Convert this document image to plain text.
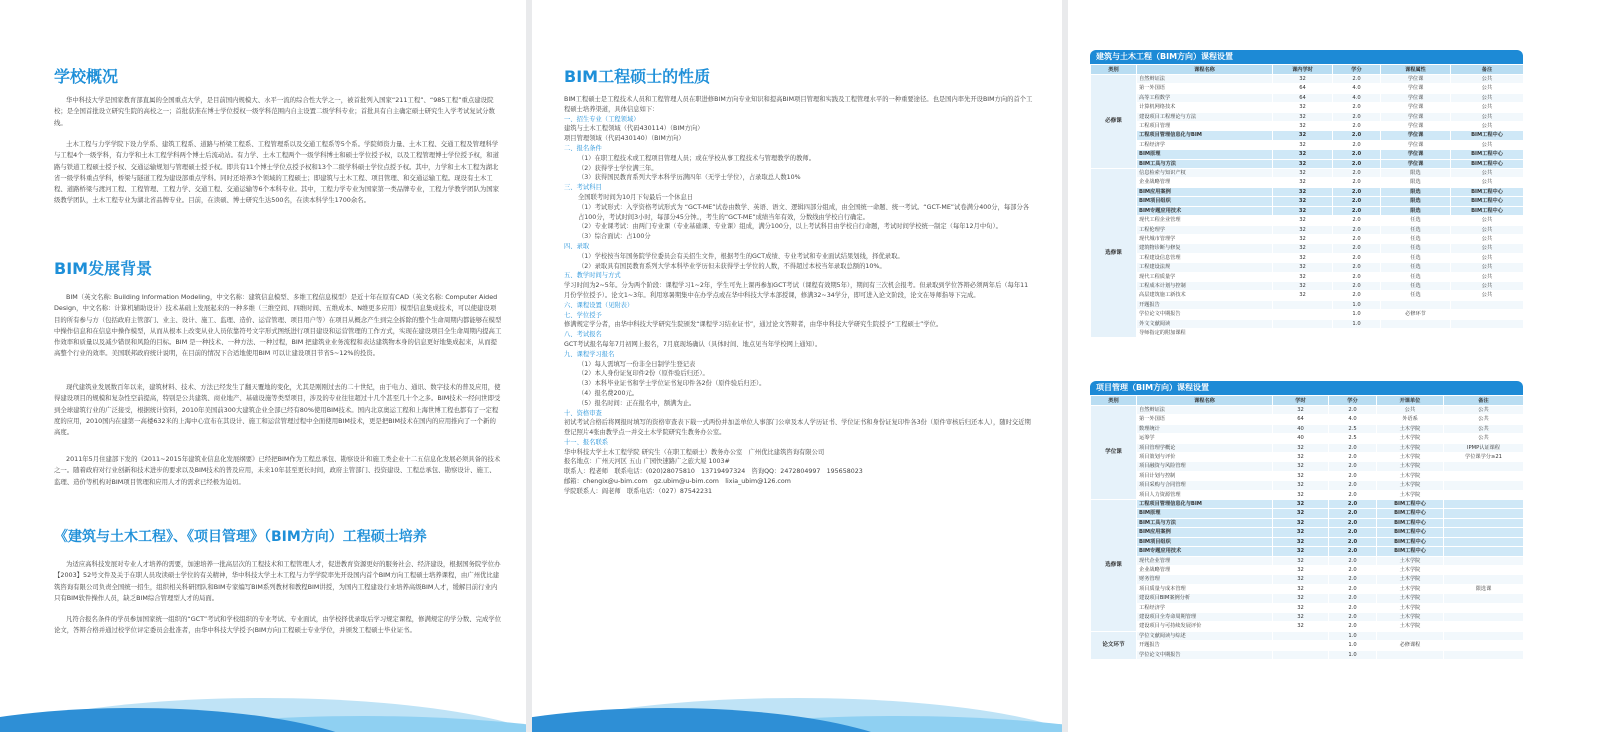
学校概况

华中科技大学是国家教育部直属的全国重点大学，是目前国内规模大、水平一流的综合性大学之一，被首批列入国家“211工程”、“985工程”重点建设院校；是全国首批设立研究生院的高校之一；首批获准在博士学位授权一级学科范围内自主设置二级学科专业；首批具有自主确定硕士研究生入学考试复试分数线。

土木工程与力学学院下设力学系、建筑工程系、道路与桥梁工程系、工程管理系以及交通工程系等5个系。学院师资力量、土木工程、交通工程及管理科学与工程4个一级学科，有力学和土木工程学科两个博士后流动站。有力学、土木工程两个一级学科博士和硕士学位授予权，以及工程管理博士学位授予权，和道路与铁道工程硕士授予权、交通运输规划与管理硕士授予权。即共有11个博士学位点授予权和13个二级学科硕士学位点授予权。其中，力学和土木工程为湖北省一级学科重点学科，桥梁与隧道工程为建设部重点学科。同时还培养3个领域的工程硕士；即建筑与土木工程、项目管理、和交通运输工程。现设有土木工程、道路桥梁与渡河工程、工程管理、工程力学、交通工程、交通运输等6个本科专业。其中，工程力学专业为国家第一类品牌专业，工程力学教学团队为国家级教学团队，土木工程专业为湖北省品牌专业。目前，在读硕、博士研究生达500名，在读本科学生1700余名。

BIM发展背景

BIM（英文名称: Building Information Modeling，中文名称：建筑信息模型、多维工程信息模型）是近十年在原有CAD（英文名称: Computer Aided Design，中文名称：计算机辅助设计）技术基础上发展起来的一种多维（三维空间、四维时间、五维成本、N维更多应用）模型信息集成技术，可以使建设项目的所有参与方（包括政府主管部门、业主、设计、施工、监理、造价、运营管理、项目用户等）在项目从概念产生到完全拆除的整个生命周期内都能够在模型中操作信息和在信息中操作模型，从而从根本上改变从业人员依靠符号文字形式图纸进行项目建设和运营管理的工作方式，实现在建设项目全生命周期内提高工作效率和质量以及减少错误和风险的目标。BIM 是一种技术、一种方法、一种过程，BIM 把建筑业业务流程和表达建筑物本身的信息更好地集成起来，从而提高整个行业的效率。美国联邦政府统计说明，在目前的情况下合适地使用BIM 可以让建设项目节省5~12%的投资。

现代建筑业发展数百年以来，建筑材料、技术、方法已经发生了翻天覆地的变化，尤其是刚刚过去的二十世纪，由于电力、通讯、数字技术的普及应用，使得建设项目的规模和复杂性空前提高，特别是公共建筑、商业地产、基础设施等类型项目，涉及的专业往往超过十几个甚至几十个之多。BIM技术一经问世即受到全球建筑行业的广泛接受，根据统计资料，2010年美国前300大建筑企业全部已经有80%使用BIM技术。国内北京奥运工程和上海世博工程也都有了一定程度的应用，2010国内在建第一高楼632米的上海中心宣布在其设计、施工和运营管理过程中全面使用BIM技术，更是把BIM技术在国内的应用推向了一个新的高度。

2011年5月住建部下发的《2011~2015年建筑业信息化发展纲要》已经把BIM作为工程总承包、勘察设计和施工类企业十二五信息化发展必须具备的技术之一。随着政府对行业创新和技术进步的要求以及BIM技术的普及应用，未来10年甚至更长时间，政府主管部门、投资建设、工程总承包、勘察设计、施工、监理、造价等机构对BIM项目管理和应用人才的需求已经极为迫切。

《建筑与土木工程》、《项目管理》（BIM方向）工程硕士培养

为适应高科技发展对专业人才培养的需要，加速培养一批高层次的工程技术和工程管理人才，促进教育资源更好的服务社会、经济建设，根据国务院学位办【2003】52号文件及关于在职人员攻读硕士学位的有关精神，华中科技大学土木工程与力学学院率先开设国内首个BIM方向工程硕士培养课程，由广州优比建筑咨询有限公司负责全国统一招生，组织相关科研团队和BIM专家编写BIM系列教材和教程BIM讲授，为国内工程建设行业培养高级BIM人才，缓解目前行业内只有BIM软件操作人员，缺乏BIM综合管理型人才的局面。

凡符合报名条件的学员参加国家统一组织的“GCT”考试和学校组织的专业考试、专业面试，由学校择优录取后学习规定课程，修满规定的学分数、完成学位论文，答辩合格并通过校学位评定委员会批准者，由华中科技大学授予(BIM方向)工程硕士专业学位，并颁发工程硕士毕业证书。

BIM工程硕士的性质

BIM工程硕士是工程技术人员和工程管理人员在职进修BIM方向专业知识和提高BIM项目管理和实践及工程管理水平的一种重要途径。也是国内率先开设BIM方向的首个工程硕士培养渠道，具体信息如下：

一、招生专业（工程领域）

建筑与土木工程领域（代码430114）（BIM方向）

项目管理领域（代码430140）（BIM方向）

二、报名条件

（1）在职工程技术或工程项目管理人员；或在学校从事工程技术与管理教学的教师。

（2）获得学士学位满三年。

（3）获得国民教育系列大学本科学历满四年（无学士学位），占录取总人数10%

三、考试科目

全国联考时间为10月下旬最后一个休息日

（1）考试形式：入学资格考试形式为 “GCT-ME”试卷由数学、英语、语文、逻辑四部分组成，由全国统一命题、统一考试。“GCT-ME”试卷满分400分，每部分各占100分，考试时间3小时，每部分45分钟。，考生的“GCT-ME”成绩当年有效，分数线由学校自行确定。

（2）专业课考试：由两门专业课（专业基础课、专业课）组成，满分100分，以上考试科目由学校自行命题，考试时间学校统一制定（每年12月中旬）。

（3）综合面试：占100分

四、录取

（1）学校按当年国务院学位委员会有关招生文件，根据考生的GCT成绩、专业考试和专业面试结果划线，择优录取。

（2）录取具有国民教育系列大学本科毕业学历但未获得学士学位的人数，不得超过本校当年录取总额的10%。

五、教学时间与方式

学习时间为2~5年。分为两个阶段：课程学习1~2年，学生可先上课再参加GCT考试（课程有效期5年），期间有三次机会报考。但录取到学位答辩必须两年后（每年11月份学位授予）。论文1~3年。利用寒暑期集中在办学点或在华中科技大学本部授课，修满32~34学分，即可进入论文阶段，论文在导师指导下完成。

六、课程设置（见附表）

七、学位授予

修满规定学分者，由华中科技大学研究生院颁发“课程学习结业证书”，通过论文答辩者，由华中科技大学研究生院授予“工程硕士”学位。

八、考试报名

GCT考试报名每年7月初网上报名，7月底现场确认（具体时间、地点见当年学校网上通知）。

九、课程学习报名

（1）每人需填写一份非全日制学生登记表

（2）本人身份证复印件2份（原件验后归还）。

（3）本科毕业证书和学士学位证书复印件各2份（原件验后归还）。

（4）报名费200元。

（5）报名时间：正在报名中，额满为止。

十、资格审查

初试考试合格后将网报时填写的资格审查表下载一式两份并加盖单位人事部门公章及本人学历证书、学位证书和身份证复印件各3份（原件审核后归还本人），随时交近期登记照片4张由教学点一并交土木学院研究生教务办公室。

十一、报名联系

华中科技大学土木工程学院 研究生（在职工程硕士）教务办公室　广州优比建筑咨询有限公司

报名地点：广州天河区 五山 广园快速路广之旅大厦 1003#

联系人：程老师　联系电话：(020)28075810　13719497324　咨询QQ：2472804997　195658023

邮箱：chengix@u-bim.com　gz.ubim@u-bim.com　lixia_ubim@126.com

学院联系人：阎老师　联系电话：（027）87542231

建筑与土木工程（BIM方向）课程设置
类别	课程名称	课内学时	学分	课程属性	备注
必修课	自然辩证法	32	2.0	学位课	公共
	第一外国语	64	4.0	学位课	公共
	高等工程数学	64	4.0	学位课	公共
	计算机网络技术	32	2.0	学位课	公共
	建设项目工程理论与方法	32	2.0	学位课	公共
	工程项目管理	32	2.0	学位课	公共
	工程项目管理信息化与BIM	32	2.0	学位课	BIM工程中心
	工程经济学	32	2.0	学位课	公共
	BIM原理	32	2.0	学位课	BIM工程中心
	BIM工具与方法	32	2.0	学位课	BIM工程中心
选修课	信息检索与知识产权	32	2.0	限选	公共
	企业战略管理	32	2.0	限选	公共
	BIM应用案例	32	2.0	限选	BIM工程中心
	BIM项目组织	32	2.0	限选	BIM工程中心
	BIM专题应用技术	32	2.0	限选	BIM工程中心
	现代工程企业管理	32	2.0	任选	公共
	工程伦理学	32	2.0	任选	公共
	现代城市管理学	32	2.0	任选	公共
	建筑物诊断与修复	32	2.0	任选	公共
	工程建设信息管理	32	2.0	任选	公共
	工程建设法规	32	2.0	任选	公共
	现代工程质量学	32	2.0	任选	公共
	工程成本计划与控制	32	2.0	任选	公共
	高层建筑施工新技术	32	2.0	任选	公共
	开题报告		1.0		
	学位论文中期报告		1.0	必修环节	
	外文文献阅读		1.0		
	导师指定的附加课程				
项目管理（BIM方向）课程设置
类别	课程名称	学时	学分	开课单位	备注
学位课	自然辩证法	32	2.0	公共	公共
	第一外国语	64	4.0	外语系	公共
	数理统计	40	2.5	土木学院	公共
	运筹学	40	2.5	土木学院	公共
	项目管理学概论	32	2.0	土木学院	IPMP认证课程
	项目策划与评价	32	2.0	土木学院	学位课学分≥21
	项目融资与风险管理	32	2.0	土木学院	
	项目计划与控制	32	2.0	土木学院	
	项目采购与合同管理	32	2.0	土木学院	
	项目人力资源管理	32	2.0	土木学院	
选修课	工程项目管理信息化与BIM	32	2.0	BIM工程中心	
	BIM原理	32	2.0	BIM工程中心	
	BIM工具与方法	32	2.0	BIM工程中心	
	BIM应用案例	32	2.0	BIM工程中心	
	BIM项目组织	32	2.0	BIM工程中心	
	BIM专题应用技术	32	2.0	BIM工程中心	
	现代企业管理	32	2.0	土木学院	
	企业战略管理	32	2.0	土木学院	
	财务管理	32	2.0	土木学院	
	项目质量与成本管理	32	2.0	土木学院	限选课
	建设项目BIM案例分析	32	2.0	土木学院	
	工程经济学	32	2.0	土木学院	
	建设项目全寿命周期管理	32	2.0	土木学院	
	建设项目与可持续发展评价	32	2.0	土木学院	
论文环节	学位文献阅读与综述		1.0		
	开题报告		1.0	必修课程	
	学位论文中期报告		1.0		
